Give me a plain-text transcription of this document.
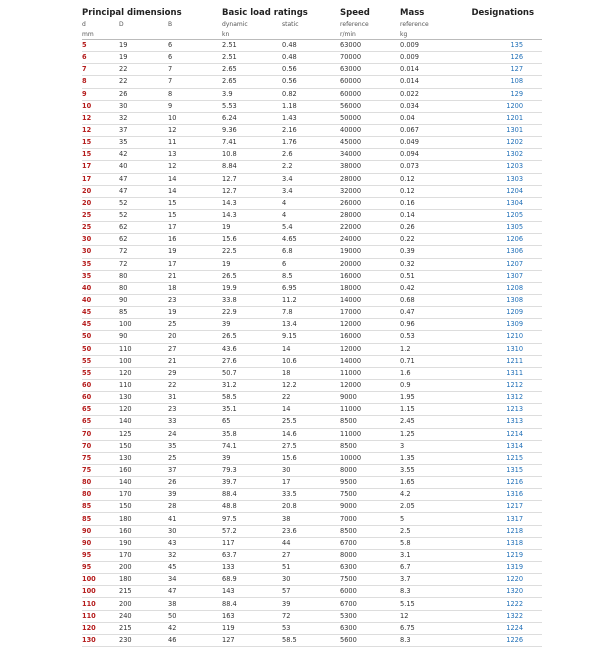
Principal dimensions			Basic load ratings		Speed	Mass	Designations
d	D	B	dynamic	static	reference	reference	
mm			kn		r/min	kg	
5	19	6	2.51	0.48	63000	0.009	135
6	19	6	2.51	0.48	70000	0.009	126
7	22	7	2.65	0.56	63000	0.014	127
8	22	7	2.65	0.56	60000	0.014	108
9	26	8	3.9	0.82	60000	0.022	129
10	30	9	5.53	1.18	56000	0.034	1200
12	32	10	6.24	1.43	50000	0.04	1201
12	37	12	9.36	2.16	40000	0.067	1301
15	35	11	7.41	1.76	45000	0.049	1202
15	42	13	10.8	2.6	34000	0.094	1302
17	40	12	8.84	2.2	38000	0.073	1203
17	47	14	12.7	3.4	28000	0.12	1303
20	47	14	12.7	3.4	32000	0.12	1204
20	52	15	14.3	4	26000	0.16	1304
25	52	15	14.3	4	28000	0.14	1205
25	62	17	19	5.4	22000	0.26	1305
30	62	16	15.6	4.65	24000	0.22	1206
30	72	19	22.5	6.8	19000	0.39	1306
35	72	17	19	6	20000	0.32	1207
35	80	21	26.5	8.5	16000	0.51	1307
40	80	18	19.9	6.95	18000	0.42	1208
40	90	23	33.8	11.2	14000	0.68	1308
45	85	19	22.9	7.8	17000	0.47	1209
45	100	25	39	13.4	12000	0.96	1309
50	90	20	26.5	9.15	16000	0.53	1210
50	110	27	43.6	14	12000	1.2	1310
55	100	21	27.6	10.6	14000	0.71	1211
55	120	29	50.7	18	11000	1.6	1311
60	110	22	31.2	12.2	12000	0.9	1212
60	130	31	58.5	22	9000	1.95	1312
65	120	23	35.1	14	11000	1.15	1213
65	140	33	65	25.5	8500	2.45	1313
70	125	24	35.8	14.6	11000	1.25	1214
70	150	35	74.1	27.5	8500	3	1314
75	130	25	39	15.6	10000	1.35	1215
75	160	37	79.3	30	8000	3.55	1315
80	140	26	39.7	17	9500	1.65	1216
80	170	39	88.4	33.5	7500	4.2	1316
85	150	28	48.8	20.8	9000	2.05	1217
85	180	41	97.5	38	7000	5	1317
90	160	30	57.2	23.6	8500	2.5	1218
90	190	43	117	44	6700	5.8	1318
95	170	32	63.7	27	8000	3.1	1219
95	200	45	133	51	6300	6.7	1319
100	180	34	68.9	30	7500	3.7	1220
100	215	47	143	57	6000	8.3	1320
110	200	38	88.4	39	6700	5.15	1222
110	240	50	163	72	5300	12	1322
120	215	42	119	53	6300	6.75	1224
130	230	46	127	58.5	5600	8.3	1226
